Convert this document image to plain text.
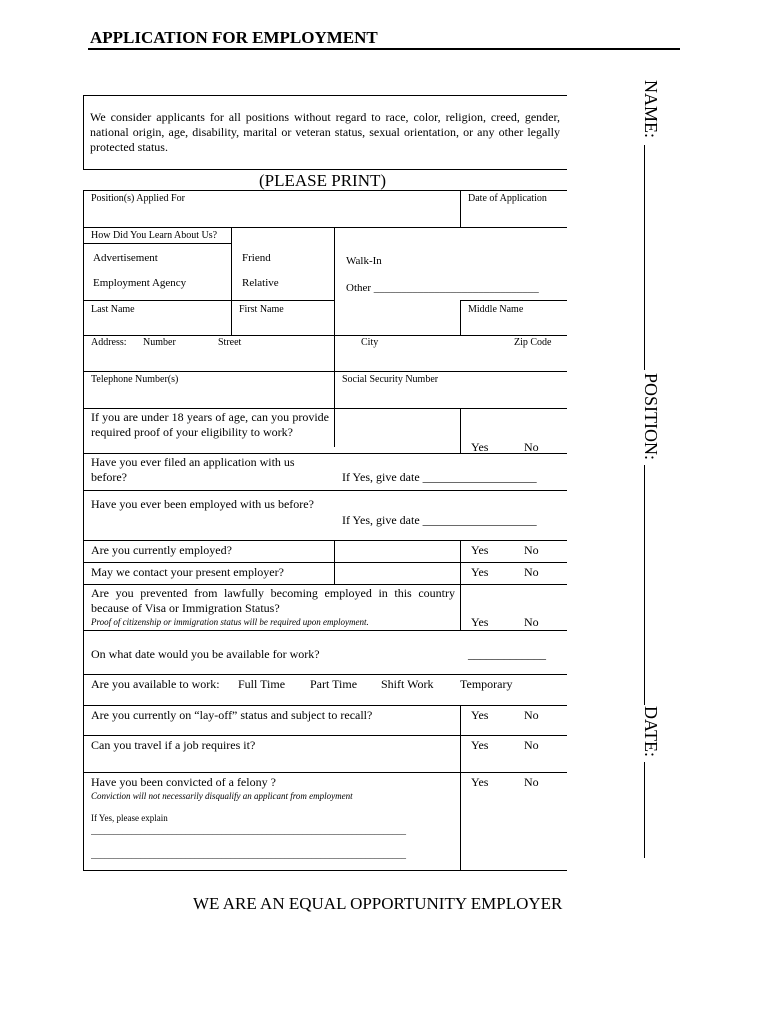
APPLICATION FOR EMPLOYMENT
NAME:
POSITION:
DATE:
We consider applicants for all positions without regard to race, color, religion, creed, gender, national origin, age, disability, marital or veteran status, sexual orientation, or any other legally protected status.
(PLEASE PRINT)
Position(s) Applied For	Date of Application
How Did You Learn About Us?
Advertisement	Friend	Walk-In
Employment Agency	Relative	Other ______________________________
Last Name	First Name	Middle Name
Address: Number	Street	City	Zip Code
Telephone Number(s)	Social Security Number
If you are under 18 years of age, can you provide required proof of your eligibility to work?
Yes	No
Have you ever filed an application with us before?	If Yes, give date ___________________
Have you ever been employed with us before?
If Yes, give date ___________________
Are you currently employed?	Yes	No
May we contact your present employer?	Yes	No
Are you prevented from lawfully becoming employed in this country because of Visa or Immigration Status?
Proof of citizenship or immigration status will be required upon employment.	Yes	No
On what date would you be available for work?	_____________
Are you available to work: Full Time Part Time Shift Work Temporary
Are you currently on “lay-off” status and subject to recall?	Yes	No
Can you travel if a job requires it?	Yes	No
Have you been convicted of a felony ?
Conviction will not necessarily disqualify an applicant from employment
Yes	No
If Yes, please explain
______________________________________________________________________
______________________________________________________________________
WE ARE AN EQUAL OPPORTUNITY EMPLOYER
